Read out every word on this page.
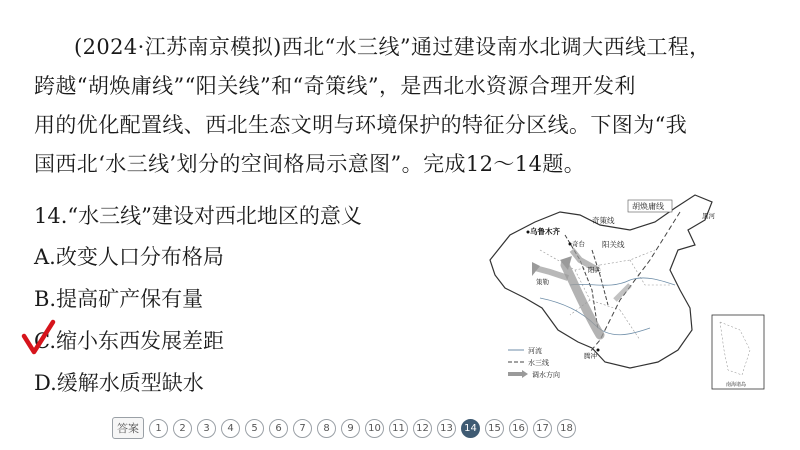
(2024·江苏南京模拟)西北“水三线”通过建设南水北调大西线工程，
跨越“胡焕庸线”“阳关线”和“奇策线”，是西北水资源合理开发利
用的优化配置线、西北生态文明与环境保护的特征分区线。下图为“我
国西北‘水三线’划分的空间格局示意图”。完成12～14题。
14.“水三线”建设对西北地区的意义
A.改变人口分布格局
B.提高矿产保有量
C.缩小东西发展差距
D.缓解水质型缺水
胡焕庸线
奇策线
阳关线
乌鲁木齐
奇台
策勒
阳关
黑河
腾冲
河流
水三线
调水方向
南海诸岛
答案	1	2	3	4	5	6	7	8	9	10	11	12	13	14	15	16	17	18
